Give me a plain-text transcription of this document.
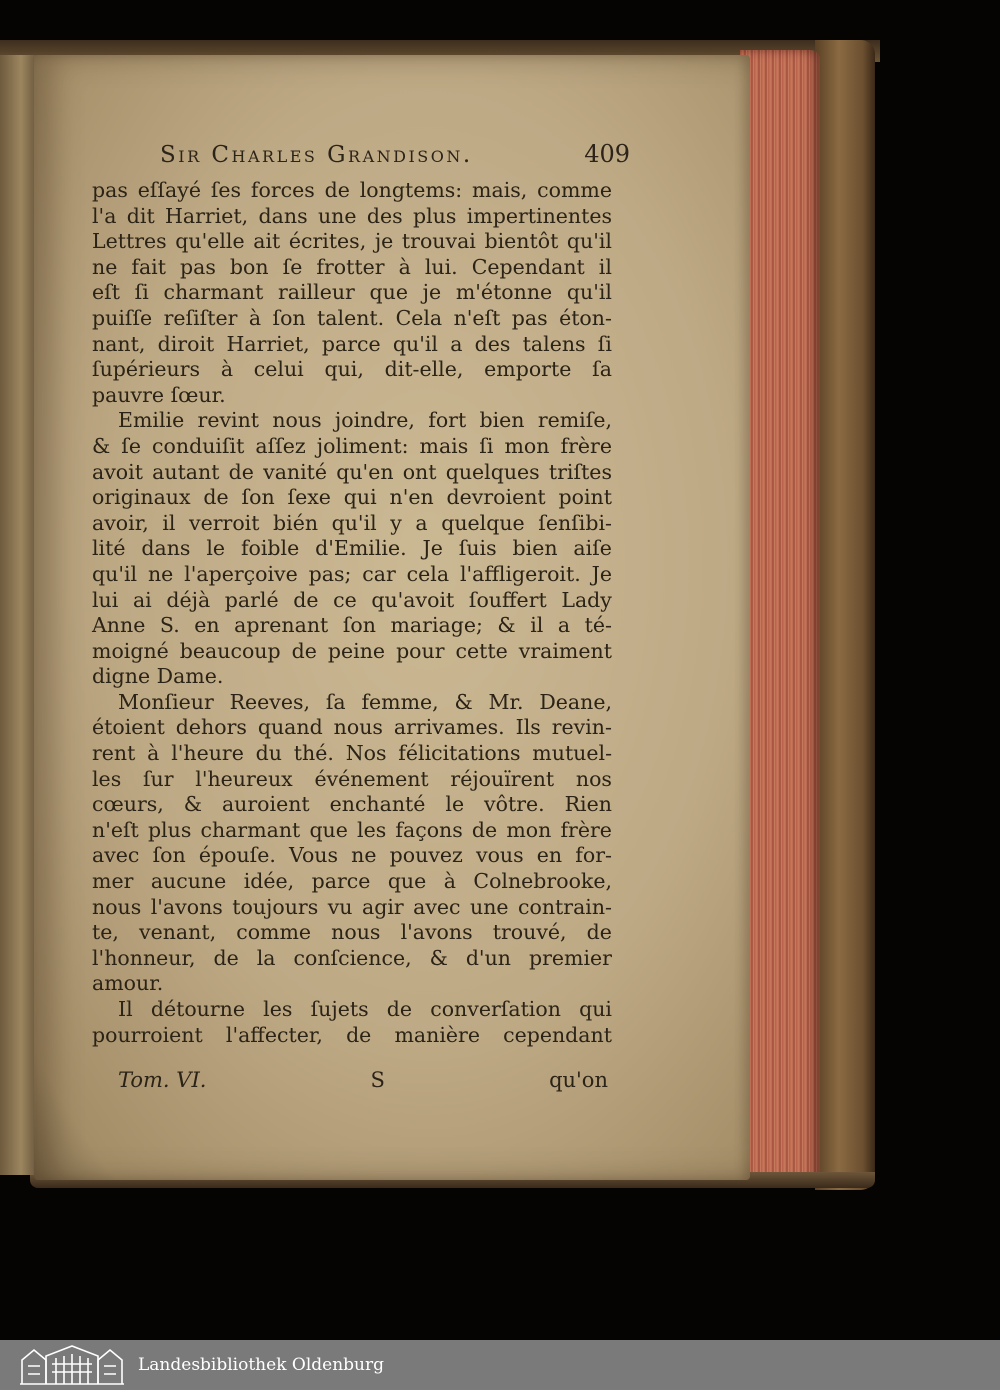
Sir Charles Grandison.	409
pas eſſayé ſes forces de longtems: mais, comme
l'a dit Harriet, dans une des plus impertinentes
Lettres qu'elle ait écrites, je trouvai bientôt qu'il
ne fait pas bon ſe frotter à lui. Cependant il
eſt ſi charmant railleur que je m'étonne qu'il
puiſſe reſiſter à ſon talent. Cela n'eſt pas éton-
nant, diroit Harriet, parce qu'il a des talens ſi
ſupérieurs à celui qui, dit-elle, emporte ſa
pauvre ſœur.
Emilie revint nous joindre, fort bien remiſe,
& ſe conduiſit aſſez joliment: mais ſi mon frère
avoit autant de vanité qu'en ont quelques triſtes
originaux de ſon ſexe qui n'en devroient point
avoir, il verroit bién qu'il y a quelque ſenſibi-
lité dans le foible d'Emilie. Je ſuis bien aiſe
qu'il ne l'aperçoive pas; car cela l'affligeroit. Je
lui ai déjà parlé de ce qu'avoit ſouffert Lady
Anne S. en aprenant ſon mariage; & il a té-
moigné beaucoup de peine pour cette vraiment
digne Dame.
Monſieur Reeves, ſa femme, & Mr. Deane,
étoient dehors quand nous arrivames. Ils revin-
rent à l'heure du thé. Nos félicitations mutuel-
les ſur l'heureux événement réjouïrent nos
cœurs, & auroient enchanté le vôtre. Rien
n'eſt plus charmant que les façons de mon frère
avec ſon épouſe. Vous ne pouvez vous en for-
mer aucune idée, parce que à Colnebrooke,
nous l'avons toujours vu agir avec une contrain-
te, venant, comme nous l'avons trouvé, de
l'honneur, de la conſcience, & d'un premier
amour.
Il détourne les ſujets de converſation qui
pourroient l'affecter, de manière cependant
Tom. VI.	S	qu'on
Landesbibliothek Oldenburg
